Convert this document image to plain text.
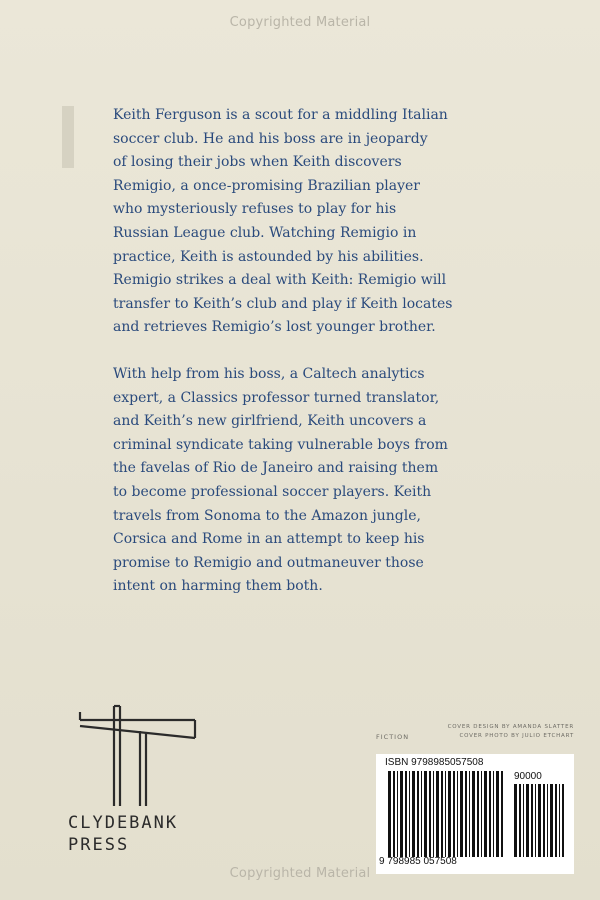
Copyrighted Material

Keith Ferguson is a scout for a middling Italian
soccer club. He and his boss are in jeopardy
of losing their jobs when Keith discovers
Remigio, a once-promising Brazilian player
who mysteriously refuses to play for his
Russian League club. Watching Remigio in
practice, Keith is astounded by his abilities.
Remigio strikes a deal with Keith: Remigio will
transfer to Keith’s club and play if Keith locates
and retrieves Remigio’s lost younger brother.

With help from his boss, a Caltech analytics
expert, a Classics professor turned translator,
and Keith’s new girlfriend, Keith uncovers a
criminal syndicate taking vulnerable boys from
the favelas of Rio de Janeiro and raising them
to become professional soccer players. Keith
travels from Sonoma to the Amazon jungle,
Corsica and Rome in an attempt to keep his
promise to Remigio and outmaneuver those
intent on harming them both.

CLYDEBANK
PRESS
FICTION
COVER DESIGN BY AMANDA SLATTER
COVER PHOTO BY JULIO ETCHART
ISBN 9798985057508
90000
9 798985 057508
Copyrighted Material
